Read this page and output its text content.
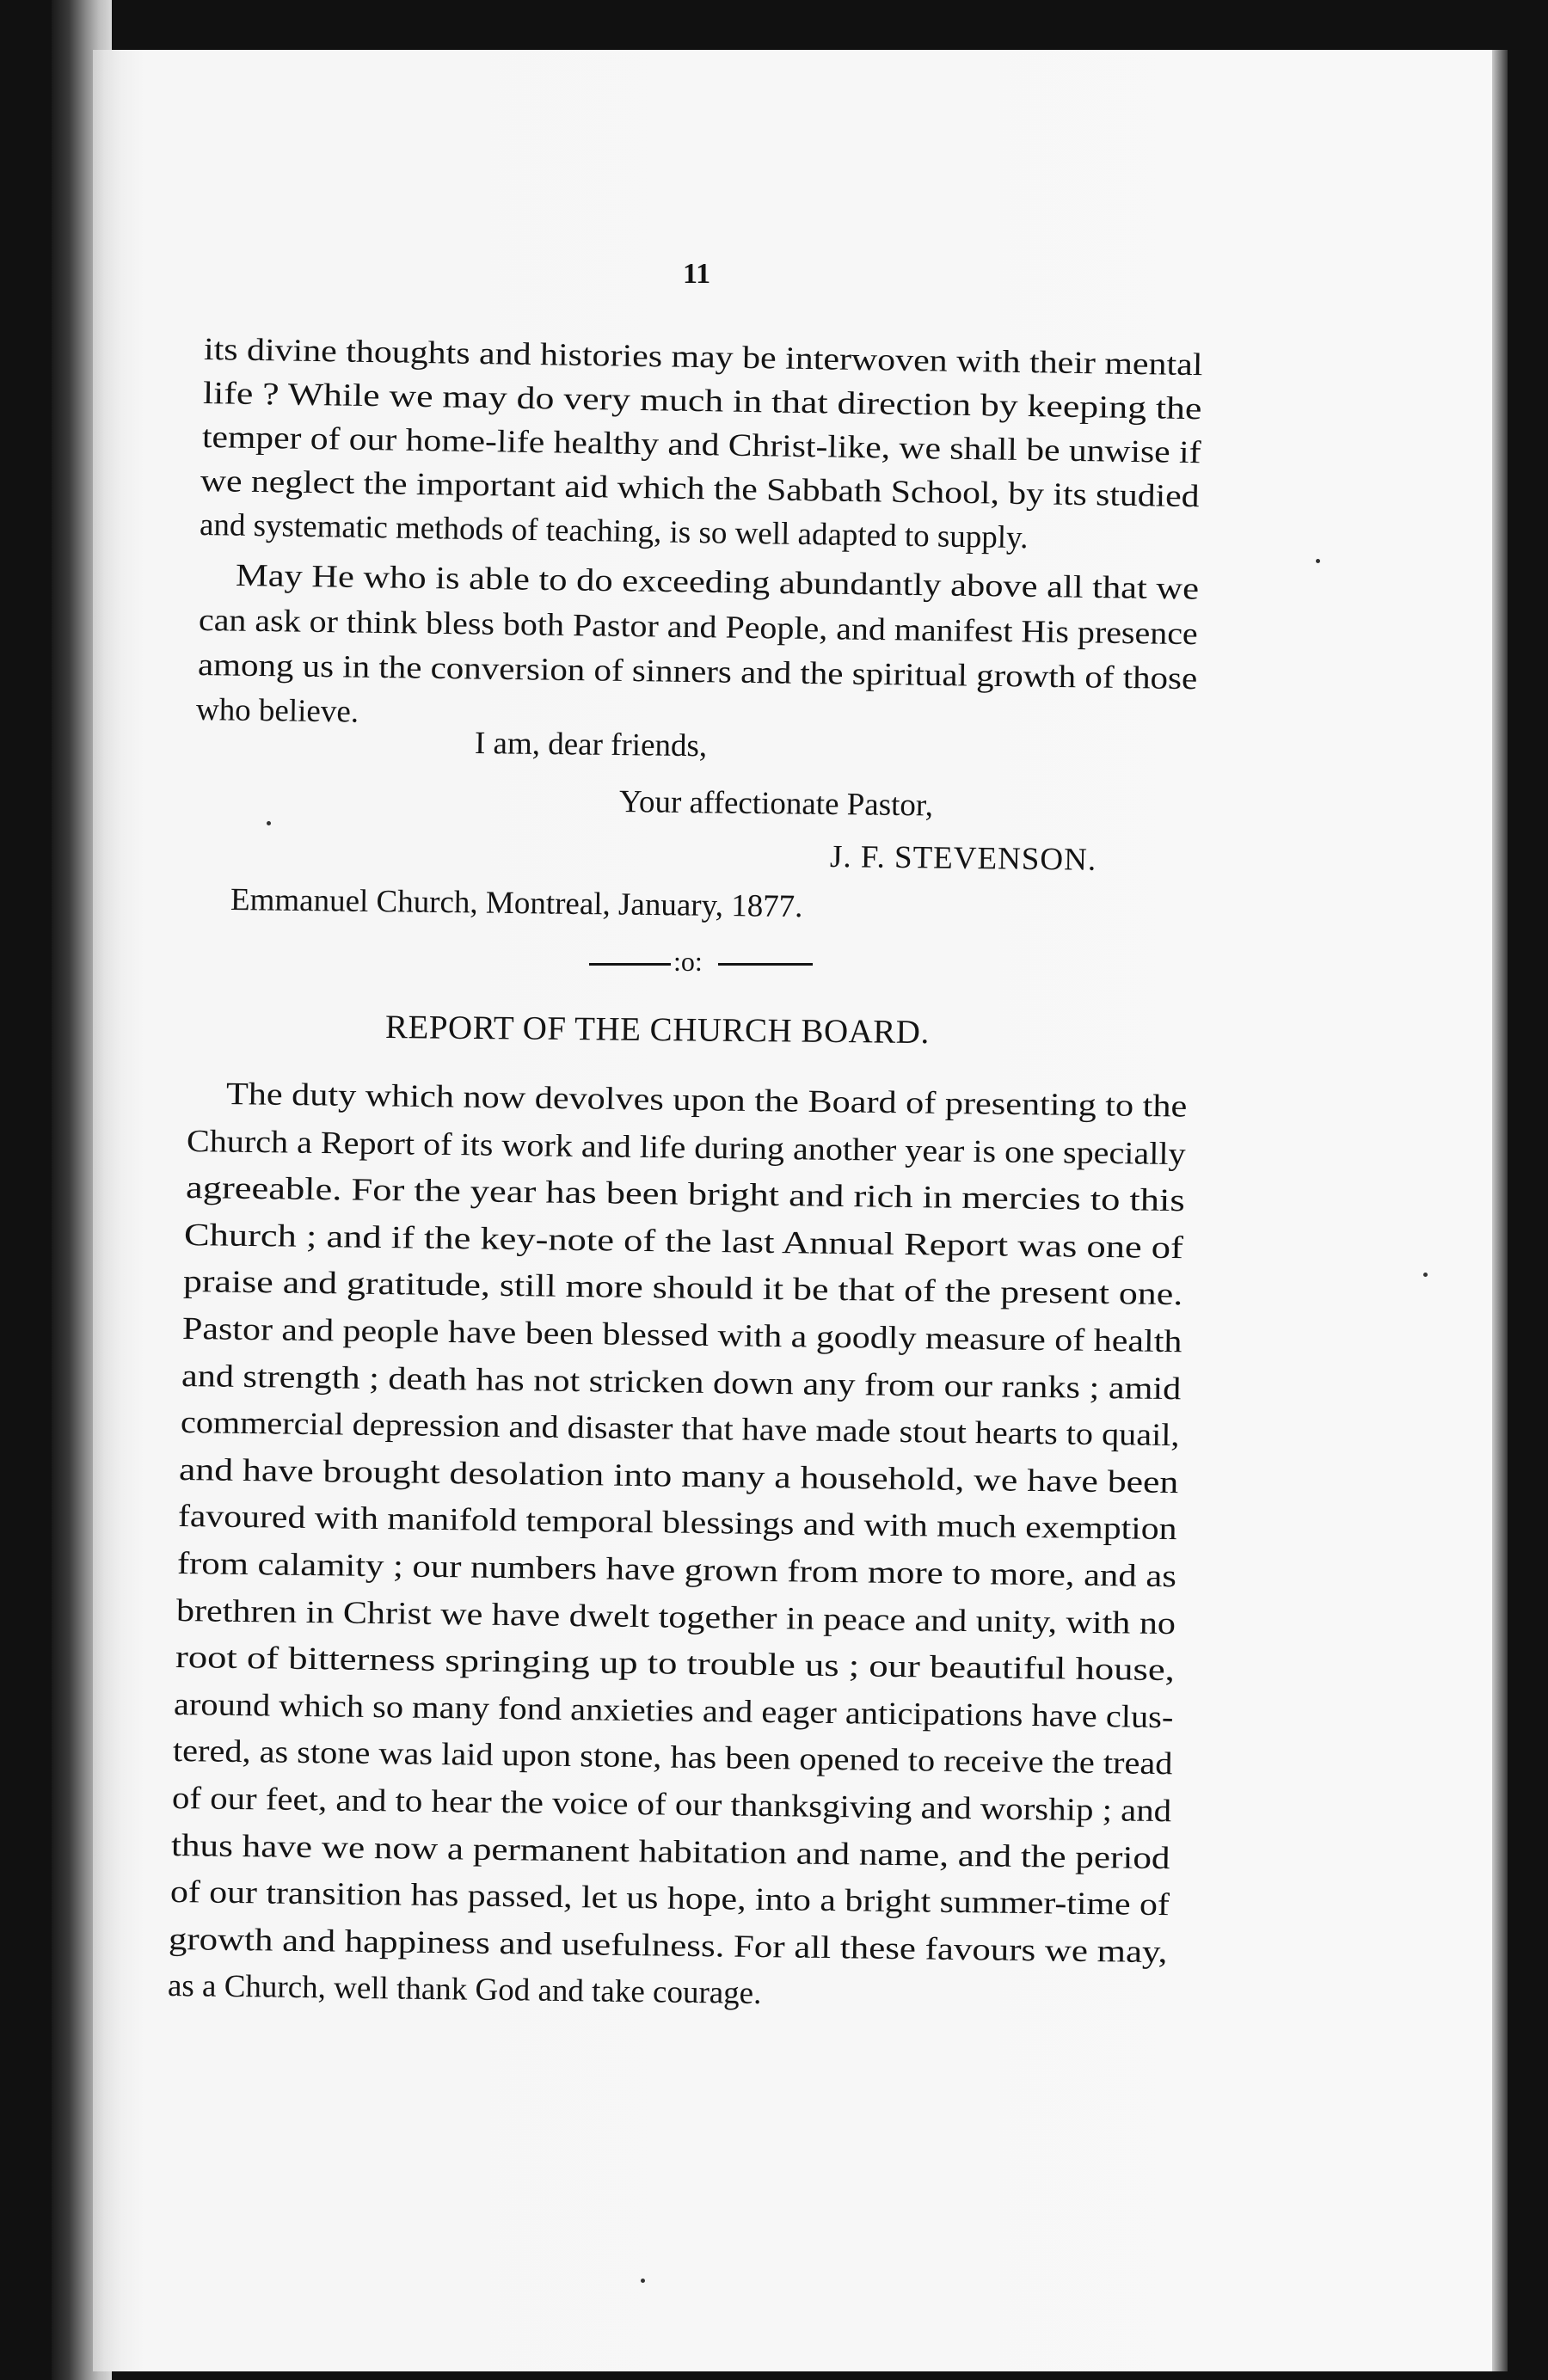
11
its divine thoughts and histories may be interwoven with their mental
life ? While we may do very much in that direction by keeping the
temper of our home-life healthy and Christ-like, we shall be unwise if
we neglect the important aid which the Sabbath School, by its studied
and systematic methods of teaching, is so well adapted to supply.
May He who is able to do exceeding abundantly above all that we
can ask or think bless both Pastor and People, and manifest His presence
among us in the conversion of sinners and the spiritual growth of those
who believe.
I am, dear friends,
Your affectionate Pastor,
J. F. STEVENSON.
Emmanuel Church, Montreal, January, 1877.
:o:
REPORT OF THE CHURCH BOARD.
The duty which now devolves upon the Board of presenting to the
Church a Report of its work and life during another year is one specially
agreeable. For the year has been bright and rich in mercies to this
Church ; and if the key-note of the last Annual Report was one of
praise and gratitude, still more should it be that of the present one.
Pastor and people have been blessed with a goodly measure of health
and strength ; death has not stricken down any from our ranks ; amid
commercial depression and disaster that have made stout hearts to quail,
and have brought desolation into many a household, we have been
favoured with manifold temporal blessings and with much exemption
from calamity ; our numbers have grown from more to more, and as
brethren in Christ we have dwelt together in peace and unity, with no
root of bitterness springing up to trouble us ; our beautiful house,
around which so many fond anxieties and eager anticipations have clus-
tered, as stone was laid upon stone, has been opened to receive the tread
of our feet, and to hear the voice of our thanksgiving and worship ; and
thus have we now a permanent habitation and name, and the period
of our transition has passed, let us hope, into a bright summer-time of
growth and happiness and usefulness. For all these favours we may,
as a Church, well thank God and take courage.
